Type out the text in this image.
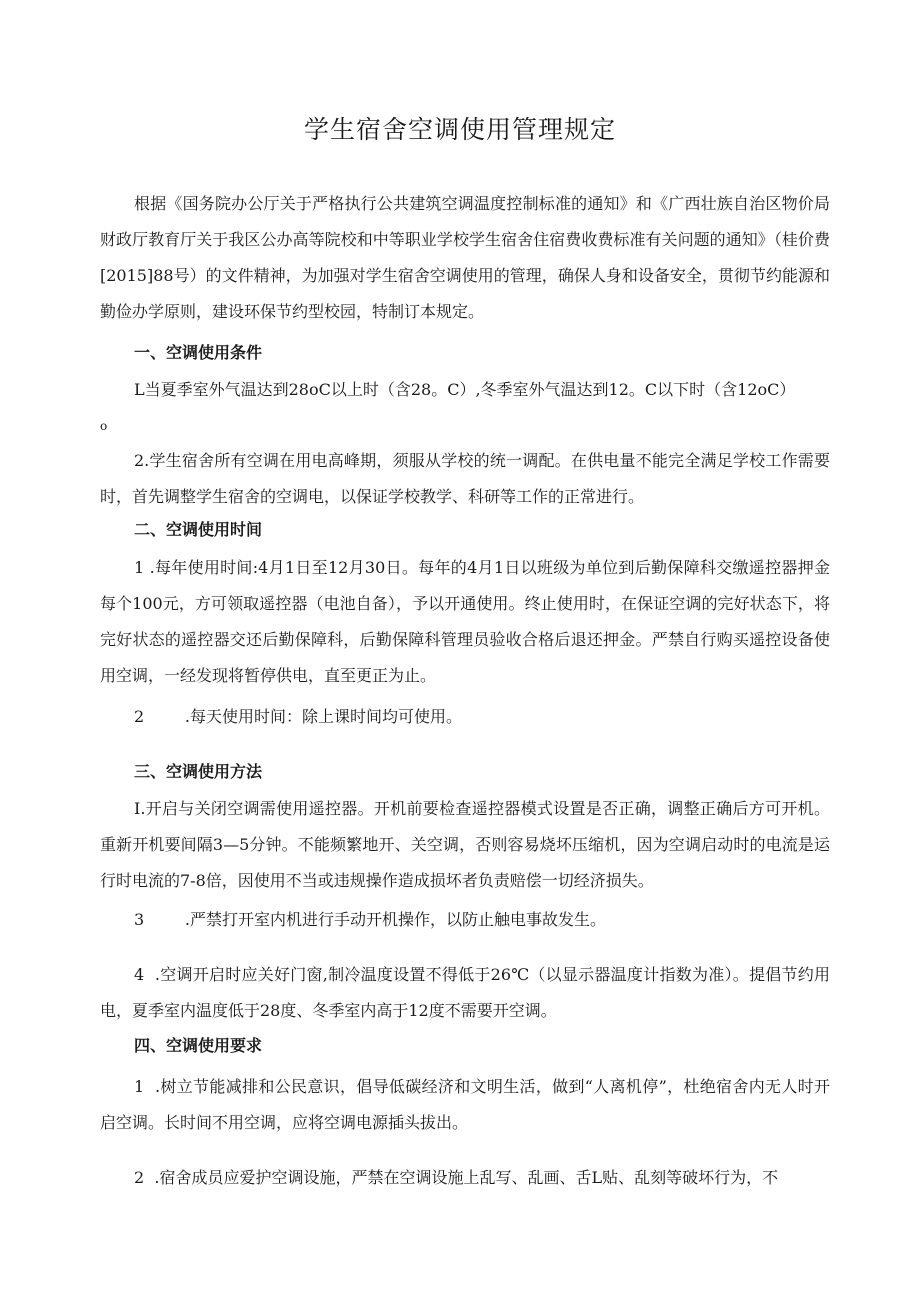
学生宿舍空调使用管理规定

根据《国务院办公厅关于严格执行公共建筑空调温度控制标准的通知》和《广西壮族自治区物价局财政厅教育厅关于我区公办高等院校和中等职业学校学生宿舍住宿费收费标准有关问题的通知》（桂价费[2015]88号）的文件精神，为加强对学生宿舍空调使用的管理，确保人身和设备安全，贯彻节约能源和勤俭办学原则，建设环保节约型校园，特制订本规定。

一、空调使用条件

L当夏季室外气温达到28oC以上时（含28。C）,冬季室外气温达到12。C以下时（含12oC）

o

2.学生宿舍所有空调在用电高峰期，须服从学校的统一调配。在供电量不能完全满足学校工作需要时，首先调整学生宿舍的空调电，以保证学校教学、科研等工作的正常进行。

二、空调使用时间

1 .每年使用时间:4月1日至12月30日。每年的4月1日以班级为单位到后勤保障科交缴遥控器押金每个100元，方可领取遥控器（电池自备），予以开通使用。终止使用时，在保证空调的完好状态下，将完好状态的遥控器交还后勤保障科，后勤保障科管理员验收合格后退还押金。严禁自行购买遥控设备使用空调，一经发现将暂停供电，直至更正为止。

2        .每天使用时间：除上课时间均可使用。

三、空调使用方法

I.开启与关闭空调需使用遥控器。开机前要检查遥控器模式设置是否正确，调整正确后方可开机。重新开机要间隔3—5分钟。不能频繁地开、关空调，否则容易烧坏压缩机，因为空调启动时的电流是运行时电流的7-8倍，因使用不当或违规操作造成损坏者负责赔偿一切经济损失。

3        .严禁打开室内机进行手动开机操作，以防止触电事故发生。

4  .空调开启时应关好门窗,制冷温度设置不得低于26℃（以显示器温度计指数为准）。提倡节约用电，夏季室内温度低于28度、冬季室内高于12度不需要开空调。

四、空调使用要求

1  .树立节能减排和公民意识，倡导低碳经济和文明生活，做到“人离机停”，杜绝宿舍内无人时开启空调。长时间不用空调，应将空调电源插头拔出。

2  .宿舍成员应爱护空调设施，严禁在空调设施上乱写、乱画、舌L贴、乱刻等破坏行为，不
